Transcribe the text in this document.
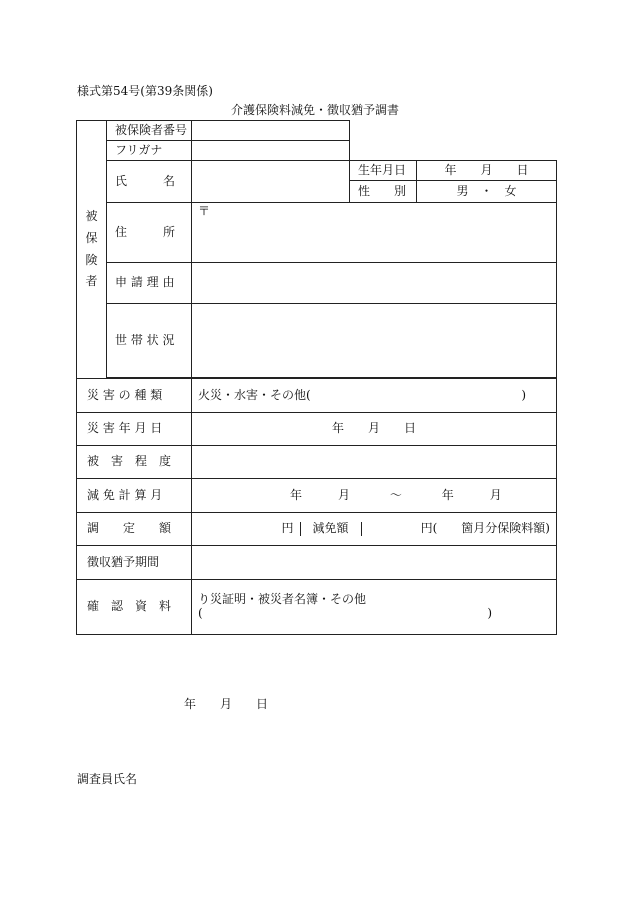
様式第54号(第39条関係)
介護保険料減免・徴収猶予調書
被
保
険
者
	被保険者番号	

フリガナ	
氏　　　名		生年月日	年　　月　　日
性　　別	男　・　女
住　　　所	〒
申 請 理 由	
世 帯 状 況	

災 害 の 種 類	火災・水害・その他(	)

災 害 年 月 日	年　　月　　日
被　害　程　度	
減 免 計 算 月	年　　　月	～	年　　　月
調　　定　　額		円	減免額	円(　　箇月分保険料額)

徴収猶予期間	
確　認　資　料	り災証明・被災者名簿・その他
(	)
年　　月　　日
調査員氏名
